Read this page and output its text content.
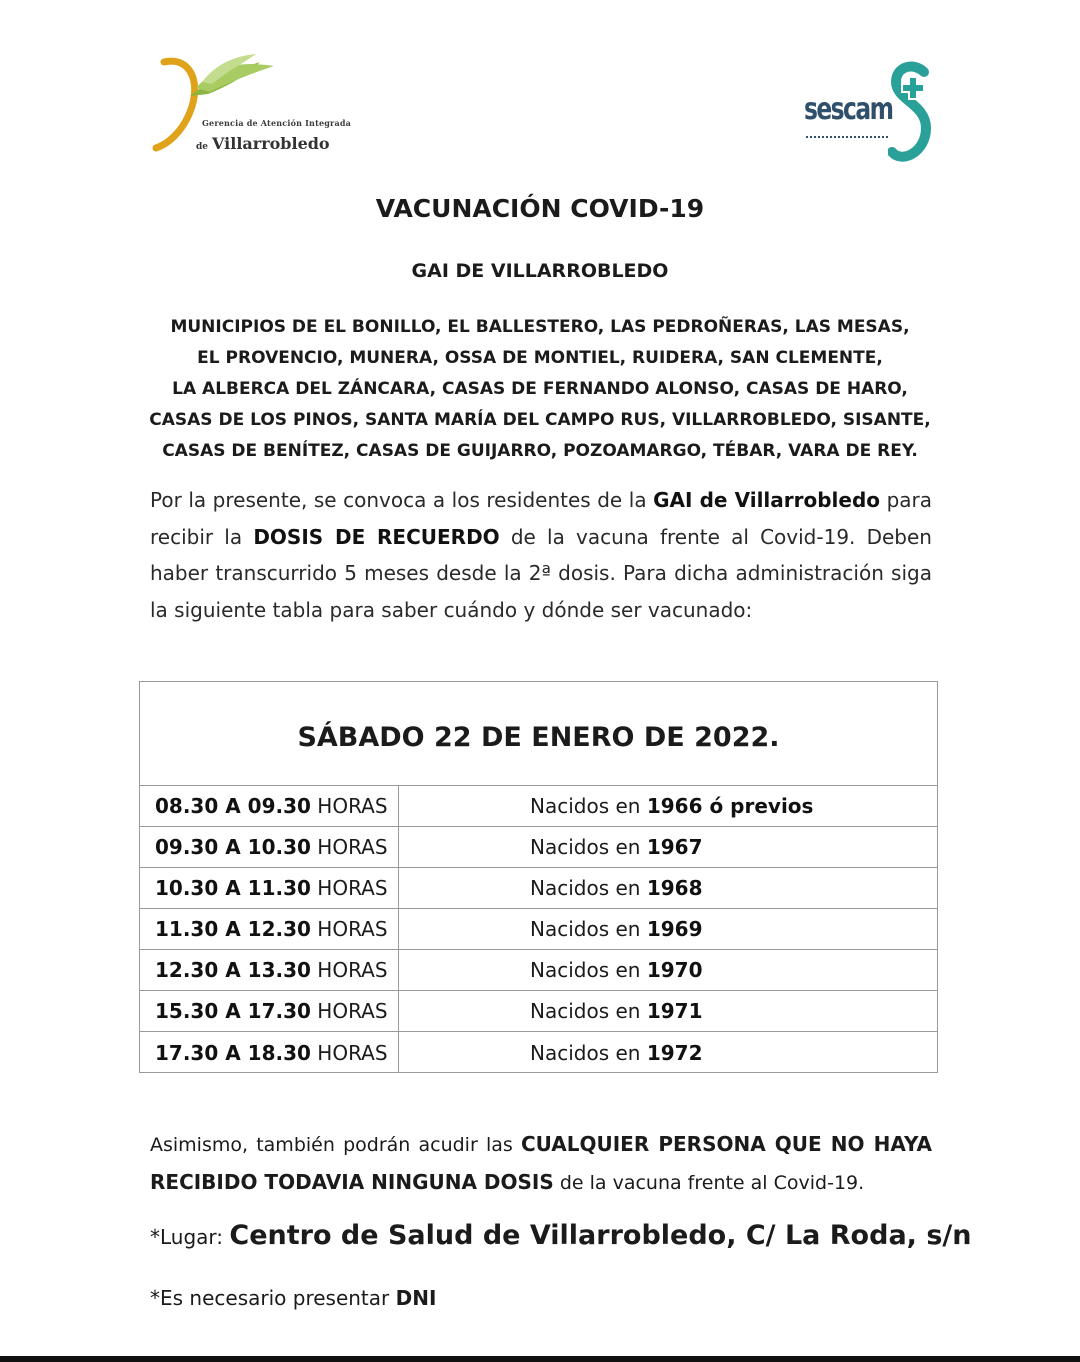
Gerencia de Atención Integrada
de Villarrobledo
sescam
VACUNACIÓN COVID-19
GAI DE VILLARROBLEDO
MUNICIPIOS DE EL BONILLO, EL BALLESTERO, LAS PEDROÑERAS, LAS MESAS,
EL PROVENCIO, MUNERA, OSSA DE MONTIEL, RUIDERA, SAN CLEMENTE,
LA ALBERCA DEL ZÁNCARA, CASAS DE FERNANDO ALONSO, CASAS DE HARO,
CASAS DE LOS PINOS, SANTA MARÍA DEL CAMPO RUS, VILLARROBLEDO, SISANTE,
CASAS DE BENÍTEZ, CASAS DE GUIJARRO, POZOAMARGO, TÉBAR, VARA DE REY.
Por la presente, se convoca a los residentes de la GAI de Villarrobledo para recibir la DOSIS DE RECUERDO de la vacuna frente al Covid-19. Deben haber transcurrido 5 meses desde la 2ª dosis. Para dicha administración siga la siguiente tabla para saber cuándo y dónde ser vacunado:
SÁBADO 22 DE ENERO DE 2022.
08.30 A 09.30 HORAS	Nacidos en 1966 ó previos
09.30 A 10.30 HORAS	Nacidos en 1967
10.30 A 11.30 HORAS	Nacidos en 1968
11.30 A 12.30 HORAS	Nacidos en 1969
12.30 A 13.30 HORAS	Nacidos en 1970
15.30 A 17.30 HORAS	Nacidos en 1971
17.30 A 18.30 HORAS	Nacidos en 1972
Asimismo, también podrán acudir las CUALQUIER PERSONA QUE NO HAYA RECIBIDO TODAVIA NINGUNA DOSIS de la vacuna frente al Covid-19.
*Lugar: Centro de Salud de Villarrobledo, C/ La Roda, s/n
*Es necesario presentar DNI
